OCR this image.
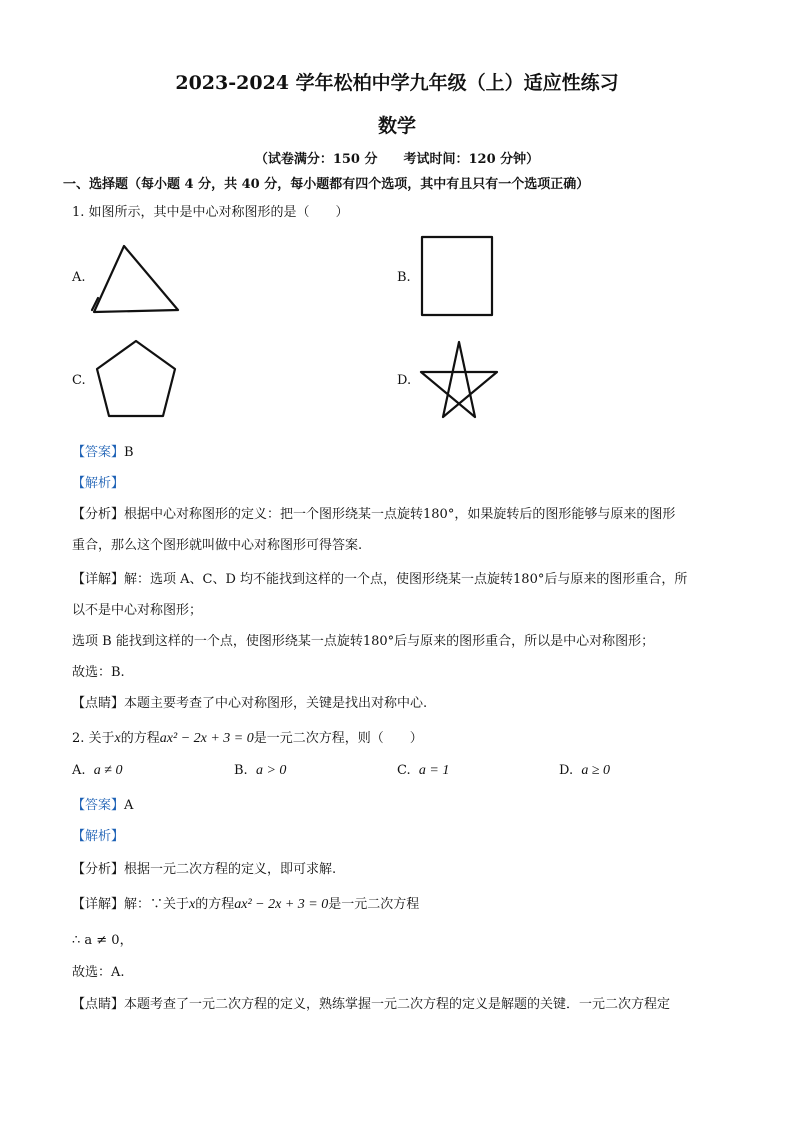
2023-2024 学年松柏中学九年级（上）适应性练习
数学
（试卷满分：150 分　　考试时间：120 分钟）
一、选择题（每小题 4 分，共 40 分，每小题都有四个选项，其中有且只有一个选项正确）
1. 如图所示，其中是中心对称图形的是（　　）
A.	B.
C.	D.
【答案】B
【解析】
【分析】根据中心对称图形的定义：把一个图形绕某一点旋转180°，如果旋转后的图形能够与原来的图形
重合，那么这个图形就叫做中心对称图形可得答案.
【详解】解：选项 A、C、D 均不能找到这样的一个点，使图形绕某一点旋转180°后与原来的图形重合，所
以不是中心对称图形；
选项 B 能找到这样的一个点，使图形绕某一点旋转180°后与原来的图形重合，所以是中心对称图形；
故选：B.
【点睛】本题主要考查了中心对称图形，关键是找出对称中心.
2. 关于x的方程ax² − 2x + 3 = 0是一元二次方程，则（　　）
A. a ≠ 0	B. a > 0	C. a = 1	D. a ≥ 0
【答案】A
【解析】
【分析】根据一元二次方程的定义，即可求解.
【详解】解：∵关于x的方程ax² − 2x + 3 = 0是一元二次方程
∴ a ≠ 0，
故选：A.
【点睛】本题考查了一元二次方程的定义，熟练掌握一元二次方程的定义是解题的关键．一元二次方程定
